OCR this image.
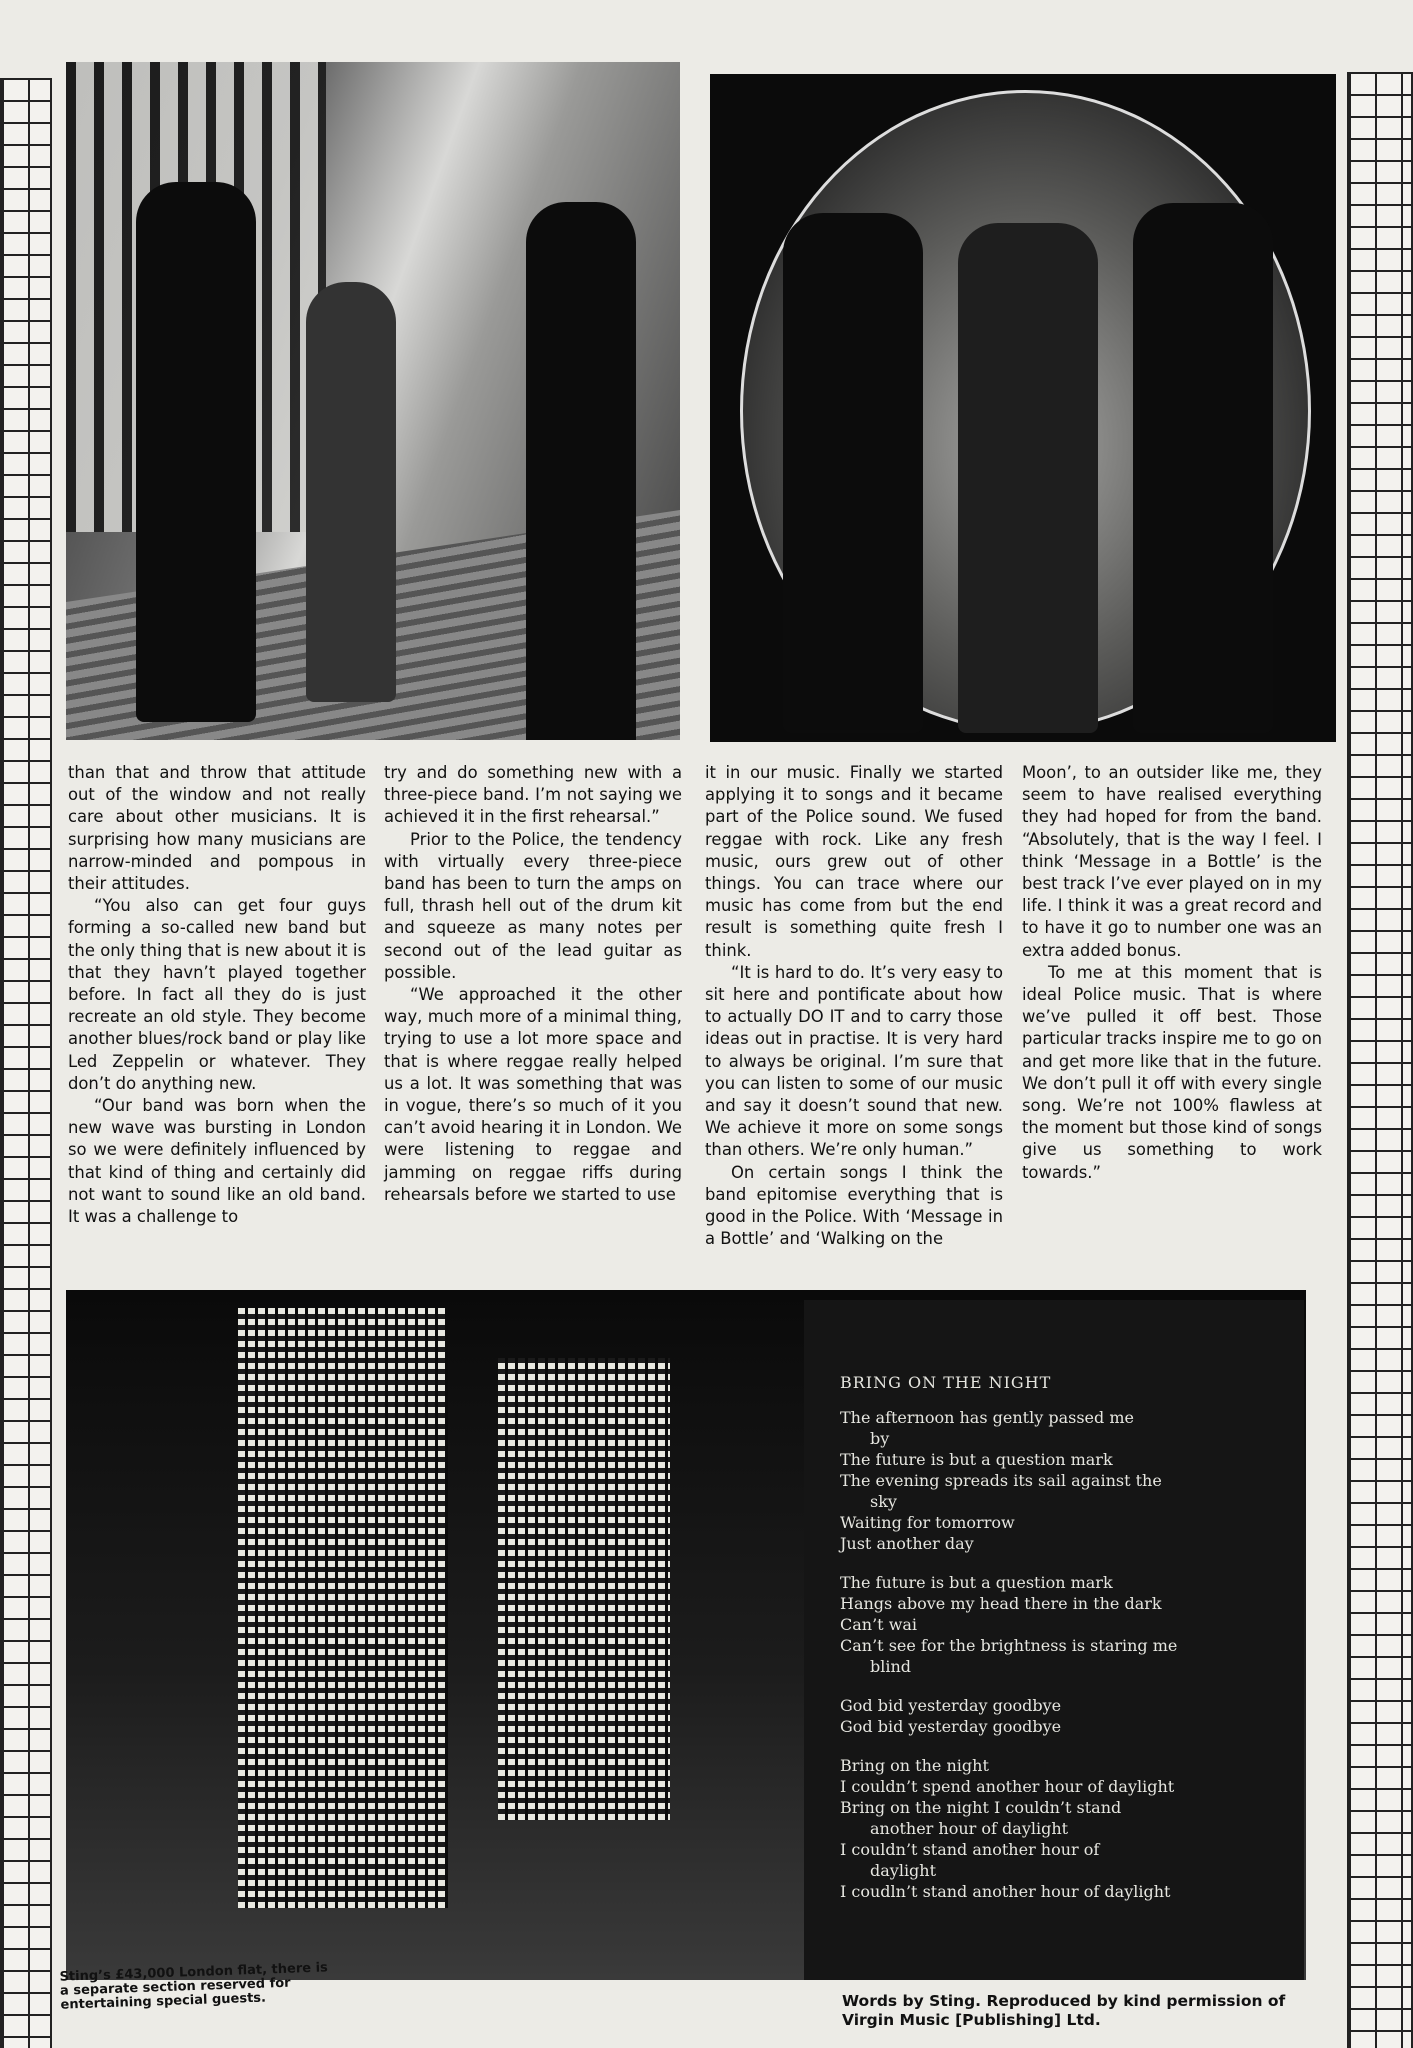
than that and throw that attitude out of the window and not really care about other musicians. It is surprising how many musicians are narrow-minded and pompous in their attitudes.

“You also can get four guys forming a so-called new band but the only thing that is new about it is that they havn’t played together before. In fact all they do is just recreate an old style. They become another blues/rock band or play like Led Zeppelin or whatever. They don’t do anything new.

“Our band was born when the new wave was bursting in London so we were definitely influenced by that kind of thing and certainly did not want to sound like an old band. It was a challenge to

try and do something new with a three-piece band. I’m not saying we achieved it in the first rehearsal.”

Prior to the Police, the tendency with virtually every three-piece band has been to turn the amps on full, thrash hell out of the drum kit and squeeze as many notes per second out of the lead guitar as possible.

“We approached it the other way, much more of a minimal thing, trying to use a lot more space and that is where reggae really helped us a lot. It was something that was in vogue, there’s so much of it you can’t avoid hearing it in London. We were listening to reggae and jamming on reggae riffs during rehearsals before we started to use

it in our music. Finally we started applying it to songs and it became part of the Police sound. We fused reggae with rock. Like any fresh music, ours grew out of other things. You can trace where our music has come from but the end result is something quite fresh I think.

“It is hard to do. It’s very easy to sit here and pontificate about how to actually DO IT and to carry those ideas out in practise. It is very hard to always be original. I’m sure that you can listen to some of our music and say it doesn’t sound that new. We achieve it more on some songs than others. We’re only human.”

On certain songs I think the band epitomise everything that is good in the Police. With ‘Message in a Bottle’ and ‘Walking on the

Moon’, to an outsider like me, they seem to have realised everything they had hoped for from the band. “Absolutely, that is the way I feel. I think ‘Message in a Bottle’ is the best track I’ve ever played on in my life. I think it was a great record and to have it go to number one was an extra added bonus.

To me at this moment that is ideal Police music. That is where we’ve pulled it off best. Those particular tracks inspire me to go on and get more like that in the future. We don’t pull it off with every single song. We’re not 100% flawless at the moment but those kind of songs give us something to work towards.”

BRING ON THE NIGHT
The afternoon has gently passed me
by
The future is but a question mark
The evening spreads its sail against the
sky
Waiting for tomorrow
Just another day
The future is but a question mark
Hangs above my head there in the dark
Can’t wai
Can’t see for the brightness is staring me
blind
God bid yesterday goodbye
God bid yesterday goodbye
Bring on the night
I couldn’t spend another hour of daylight
Bring on the night I couldn’t stand
another hour of daylight
I couldn’t stand another hour of
daylight
I coudln’t stand another hour of daylight
Sting’s £43,000 London flat, there is a separate section reserved for entertaining special guests.	Words by Sting. Reproduced by kind permission of Virgin Music [Publishing] Ltd.
